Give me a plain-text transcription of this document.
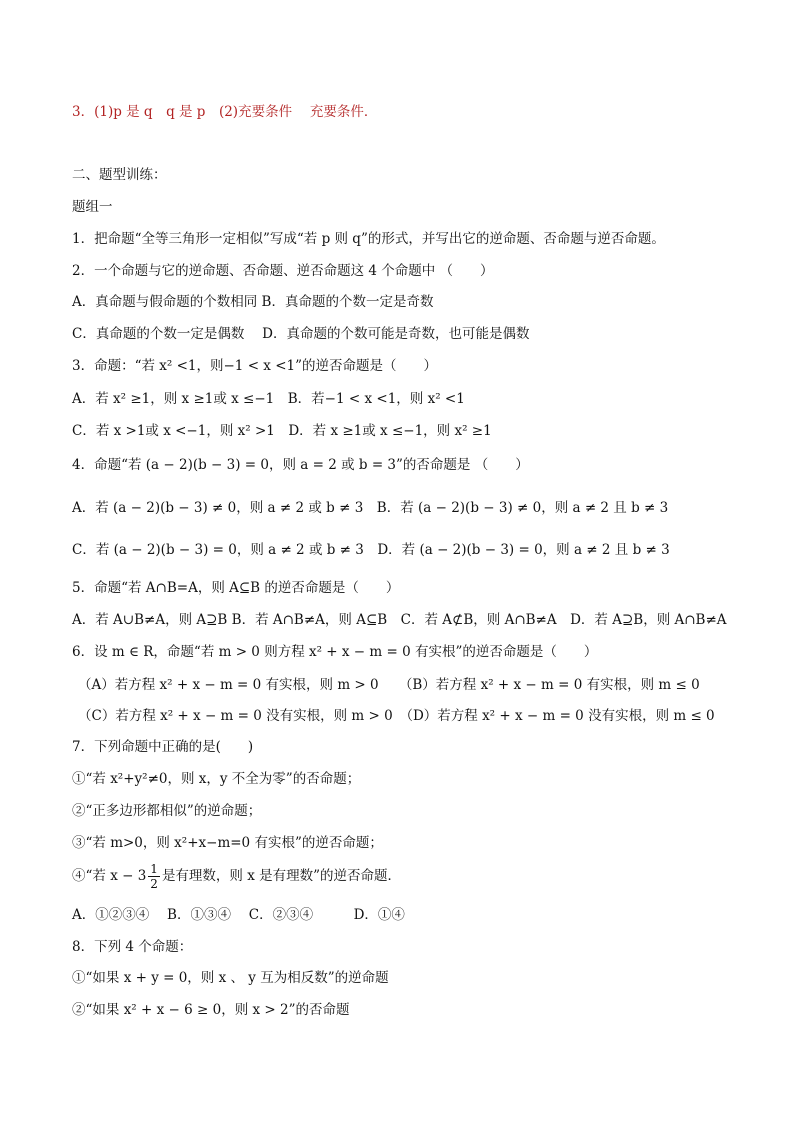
3．(1)p 是 q　q 是 p　(2)充要条件　 充要条件．
二、题型训练：
题组一
1．把命题“全等三角形一定相似”写成“若 p 则 q”的形式，并写出它的逆命题、否命题与逆否命题。
2．一个命题与它的逆命题、否命题、逆否命题这 4 个命题中 （　　）
A．真命题与假命题的个数相同 B．真命题的个数一定是奇数
C．真命题的个数一定是偶数　 D．真命题的个数可能是奇数，也可能是偶数
3．命题：“若 x² <1，则−1 < x <1”的逆否命题是（　　）
A．若 x² ≥1，则 x ≥1或 x ≤−1　B．若−1 < x <1，则 x² <1
C．若 x >1或 x <−1，则 x² >1　D．若 x ≥1或 x ≤−1，则 x² ≥1
4．命题“若 (a − 2)(b − 3) = 0，则 a = 2 或 b = 3”的否命题是 （　　）
A．若 (a − 2)(b − 3) ≠ 0，则 a ≠ 2 或 b ≠ 3　B．若 (a − 2)(b − 3) ≠ 0，则 a ≠ 2 且 b ≠ 3
C．若 (a − 2)(b − 3) = 0，则 a ≠ 2 或 b ≠ 3　D．若 (a − 2)(b − 3) = 0，则 a ≠ 2 且 b ≠ 3
5．命题“若 A∩B=A，则 A⊆B 的逆否命题是（　　）
A．若 A∪B≠A，则 A⊇B B．若 A∩B≠A，则 A⊆B　C．若 A⊄B，则 A∩B≠A　D．若 A⊇B，则 A∩B≠A
6．设 m ∈ R，命题“若 m > 0 则方程 x² + x − m = 0 有实根”的逆否命题是（　　）
（A）若方程 x² + x − m = 0 有实根，则 m > 0　　（B）若方程 x² + x − m = 0 有实根，则 m ≤ 0
（C）若方程 x² + x − m = 0 没有实根，则 m > 0　（D）若方程 x² + x − m = 0 没有实根，则 m ≤ 0
7．下列命题中正确的是(　　)
①“若 x²+y²≠0，则 x，y 不全为零”的否命题；
②“正多边形都相似”的逆命题；
③“若 m>0，则 x²+x−m=0 有实根”的逆否命题；
④“若 $x - 3 \frac{1}{2}$ 是有理数，则 x 是有理数”的逆否命题．
A．①②③④　 B．①③④　 C．②③④　　　D．①④
8．下列 4 个命题：
①“如果 x + y = 0，则 x 、 y 互为相反数”的逆命题
②“如果 x² + x − 6 ≥ 0，则 x > 2”的否命题
